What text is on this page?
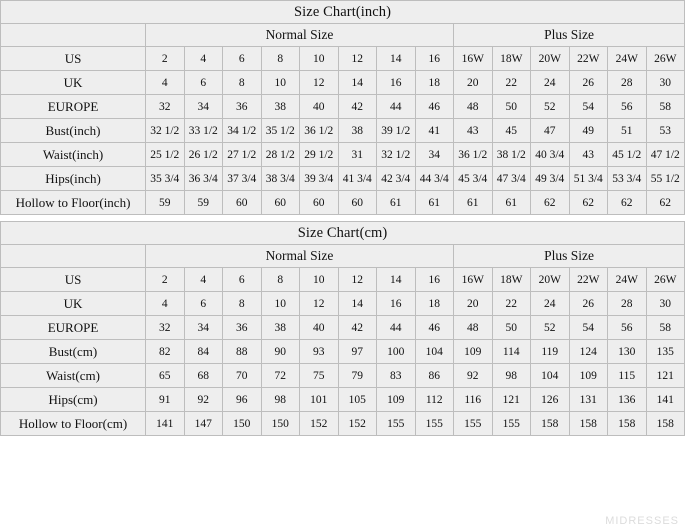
Size Chart(inch)														
	Normal Size								Plus Size					
US	2	4	6	8	10	12	14	16	16W	18W	20W	22W	24W	26W
UK	4	6	8	10	12	14	16	18	20	22	24	26	28	30
EUROPE	32	34	36	38	40	42	44	46	48	50	52	54	56	58
Bust(inch)	32 1/2	33 1/2	34 1/2	35 1/2	36 1/2	38	39 1/2	41	43	45	47	49	51	53
Waist(inch)	25 1/2	26 1/2	27 1/2	28 1/2	29 1/2	31	32 1/2	34	36 1/2	38 1/2	40 3/4	43	45 1/2	47 1/2
Hips(inch)	35 3/4	36 3/4	37 3/4	38 3/4	39 3/4	41 3/4	42 3/4	44 3/4	45 3/4	47 3/4	49 3/4	51 3/4	53 3/4	55 1/2
Hollow to Floor(inch)	59	59	60	60	60	60	61	61	61	61	62	62	62	62
Size Chart(cm)														
	Normal Size								Plus Size					
US	2	4	6	8	10	12	14	16	16W	18W	20W	22W	24W	26W
UK	4	6	8	10	12	14	16	18	20	22	24	26	28	30
EUROPE	32	34	36	38	40	42	44	46	48	50	52	54	56	58
Bust(cm)	82	84	88	90	93	97	100	104	109	114	119	124	130	135
Waist(cm)	65	68	70	72	75	79	83	86	92	98	104	109	115	121
Hips(cm)	91	92	96	98	101	105	109	112	116	121	126	131	136	141
Hollow to Floor(cm)	141	147	150	150	152	152	155	155	155	155	158	158	158	158
MIDRESSES
